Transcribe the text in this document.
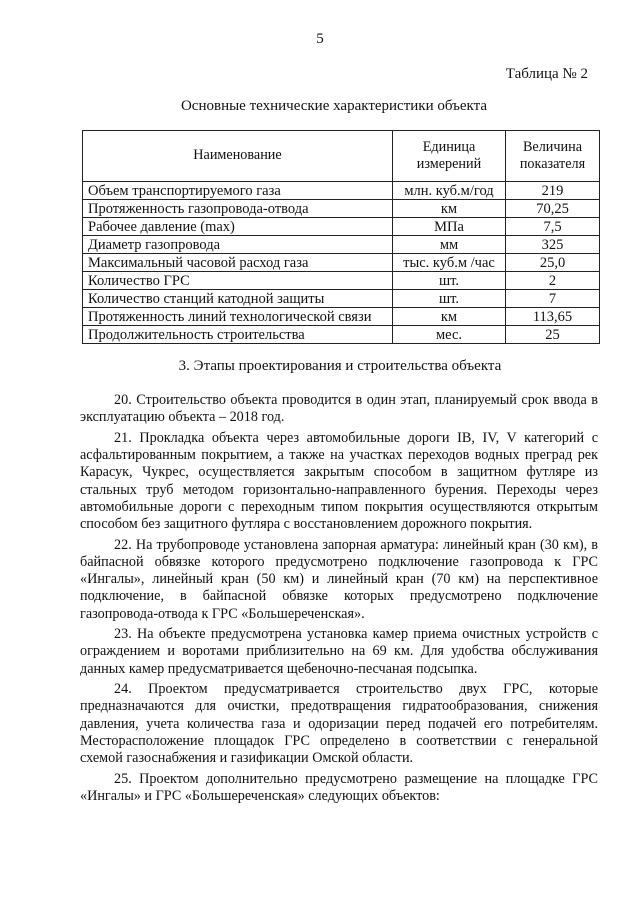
5
Таблица № 2
Основные технические характеристики объекта
Наименование	Единица измерений	Величина показателя
Объем транспортируемого газа	млн. куб.м/год	219
Протяженность газопровода-отвода	км	70,25
Рабочее давление (max)	МПа	7,5
Диаметр газопровода	мм	325
Максимальный часовой расход газа	тыс. куб.м /час	25,0
Количество ГРС	шт.	2
Количество станций катодной защиты	шт.	7
Протяженность линий технологической связи	км	113,65
Продолжительность строительства	мес.	25
3. Этапы проектирования и строительства объекта

20. Строительство объекта проводится в один этап, планируемый срок ввода в эксплуатацию объекта – 2018 год.

21. Прокладка объекта через автомобильные дороги IB, IV, V категорий с асфальтированным покрытием, а также на участках переходов водных преград рек Карасук, Чукрес, осуществляется закрытым способом в защитном футляре из стальных труб методом горизонтально-направленного бурения. Переходы через автомобильные дороги с переходным типом покрытия осуществляются открытым способом без защитного футляра с восстановлением дорожного покрытия.

22. На трубопроводе установлена запорная арматура: линейный кран (30 км), в байпасной обвязке которого предусмотрено подключение газопровода к ГРС «Ингалы», линейный кран (50 км) и линейный кран (70 км) на перспективное подключение, в байпасной обвязке которых предусмотрено подключение газопровода-отвода к ГРС «Большереченская».

23. На объекте предусмотрена установка камер приема очистных устройств с ограждением и воротами приблизительно на 69 км. Для удобства обслуживания данных камер предусматривается щебеночно-песчаная подсыпка.

24. Проектом предусматривается строительство двух ГРС, которые предназначаются для очистки, предотвращения гидратообразования, снижения давления, учета количества газа и одоризации перед подачей его потребителям. Месторасположение площадок ГРС определено в соответствии с генеральной схемой газоснабжения и газификации Омской области.

25. Проектом дополнительно предусмотрено размещение на площадке ГРС «Ингалы» и ГРС «Большереченская» следующих объектов:
